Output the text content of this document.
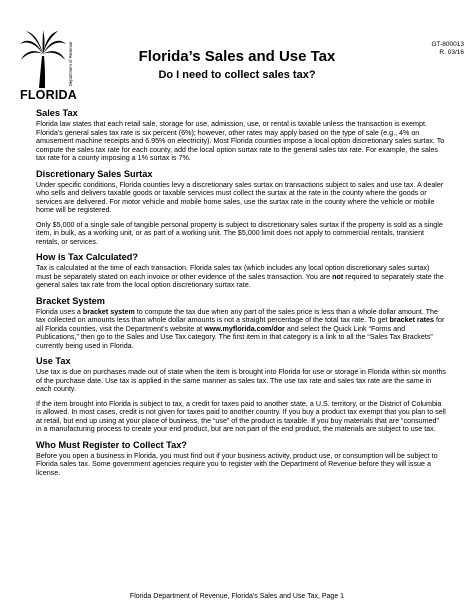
Department of Revenue
FLORIDA
GT-800013
R. 03/16
Florida’s Sales and Use Tax
Do I need to collect sales tax?
Sales Tax

Florida law states that each retail sale, storage for use, admission, use, or rental is taxable unless the transaction is exempt. Florida’s general sales tax rate is six percent (6%); however, other rates may apply based on the type of sale (e.g., 4% on amusement machine receipts and 6.95% on electricity). Most Florida counties impose a local option discretionary sales surtax. To compute the sales tax rate for each county, add the local option surtax rate to the general sales tax rate. For example, the sales tax rate for a county imposing a 1% surtax is 7%.

Discretionary Sales Surtax

Under specific conditions, Florida counties levy a discretionary sales surtax on transactions subject to sales and use tax. A dealer who sells and delivers taxable goods or taxable services must collect the surtax at the rate in the county where the goods or services are delivered. For motor vehicle and mobile home sales, use the surtax rate in the county where the vehicle or mobile home will be registered.

Only $5,000 of a single sale of tangible personal property is subject to discretionary sales surtax if the property is sold as a single item, in bulk, as a working unit, or as part of a working unit. The $5,000 limit does not apply to commercial rentals, transient rentals, or services.

How is Tax Calculated?

Tax is calculated at the time of each transaction. Florida sales tax (which includes any local option discretionary sales surtax) must be separately stated on each invoice or other evidence of the sales transaction. You are not required to separately state the general sales tax rate from the local option discretionary surtax rate.

Bracket System

Florida uses a bracket system to compute the tax due when any part of the sales price is less than a whole dollar amount. The tax collected on amounts less than whole dollar amounts is not a straight percentage of the total tax rate. To get bracket rates for all Florida counties, visit the Department’s website at www.myflorida.com/dor and select the Quick Link “Forms and Publications,” then go to the Sales and Use Tax category. The first item in that category is a link to all the “Sales Tax Brackets” currently being used in Florida.

Use Tax

Use tax is due on purchases made out of state when the item is brought into Florida for use or storage in Florida within six months of the purchase date. Use tax is applied in the same manner as sales tax. The use tax rate and sales tax rate are the same in each county.

If the item brought into Florida is subject to tax, a credit for taxes paid to another state, a U.S. territory, or the District of Columbia is allowed. In most cases, credit is not given for taxes paid to another country. If you buy a product tax exempt that you plan to sell at retail, but end up using at your place of business, the “use” of the product is taxable. If you buy materials that are “consumed” in a manufacturing process to create your end product, but are not part of the end product, the materials are subject to use tax.

Who Must Register to Collect Tax?

Before you open a business in Florida, you must find out if your business activity, product use, or consumption will be subject to Florida sales tax. Some government agencies require you to register with the Department of Revenue before they will issue a license.

Florida Department of Revenue, Florida’s Sales and Use Tax, Page 1
